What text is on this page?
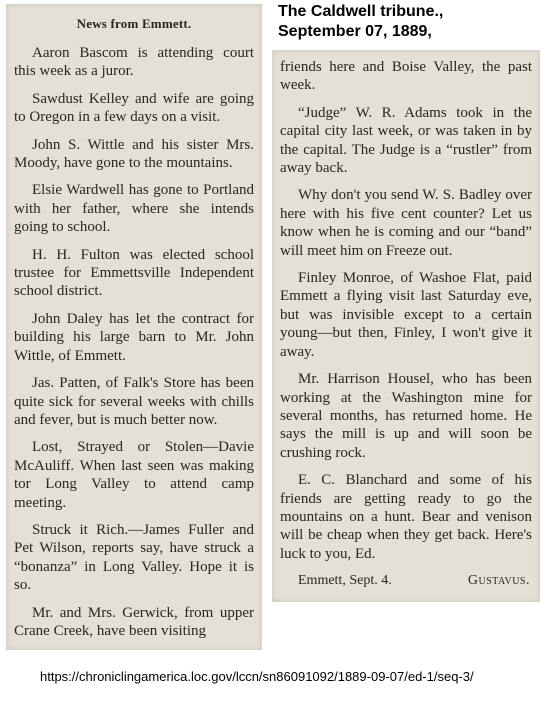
The Caldwell tribune.,
September 07, 1889,
News from Emmett.

Aaron Bascom is attending court this week as a juror.

Sawdust Kelley and wife are going to Oregon in a few days on a visit.

John S. Wittle and his sister Mrs. Moody, have gone to the mountains.

Elsie Wardwell has gone to Portland with her father, where she intends going to school.

H. H. Fulton was elected school trustee for Emmettsville Independent school district.

John Daley has let the contract for building his large barn to Mr. John Wittle, of Emmett.

Jas. Patten, of Falk's Store has been quite sick for several weeks with chills and fever, but is much better now.

Lost, Strayed or Stolen—Davie McAuliff. When last seen was making tor Long Valley to attend camp meeting.

Struck it Rich.—James Fuller and Pet Wilson, reports say, have struck a “bonanza” in Long Valley. Hope it is so.

Mr. and Mrs. Gerwick, from upper Crane Creek, have been visiting

friends here and Boise Valley, the past week.

“Judge” W. R. Adams took in the capital city last week, or was taken in by the capital. The Judge is a “rustler” from away back.

Why don't you send W. S. Badley over here with his five cent counter? Let us know when he is coming and our “band” will meet him on Freeze out.

Finley Monroe, of Washoe Flat, paid Emmett a flying visit last Saturday eve, but was invisible except to a certain young—but then, Finley, I won't give it away.

Mr. Harrison Housel, who has been working at the Washington mine for several months, has returned home. He says the mill is up and will soon be crushing rock.

E. C. Blanchard and some of his friends are getting ready to go the mountains on a hunt. Bear and venison will be cheap when they get back. Here's luck to you, Ed.

Emmett, Sept. 4.	Gustavus.

https://chroniclingamerica.loc.gov/lccn/sn86091092/1889-09-07/ed-1/seq-3/
